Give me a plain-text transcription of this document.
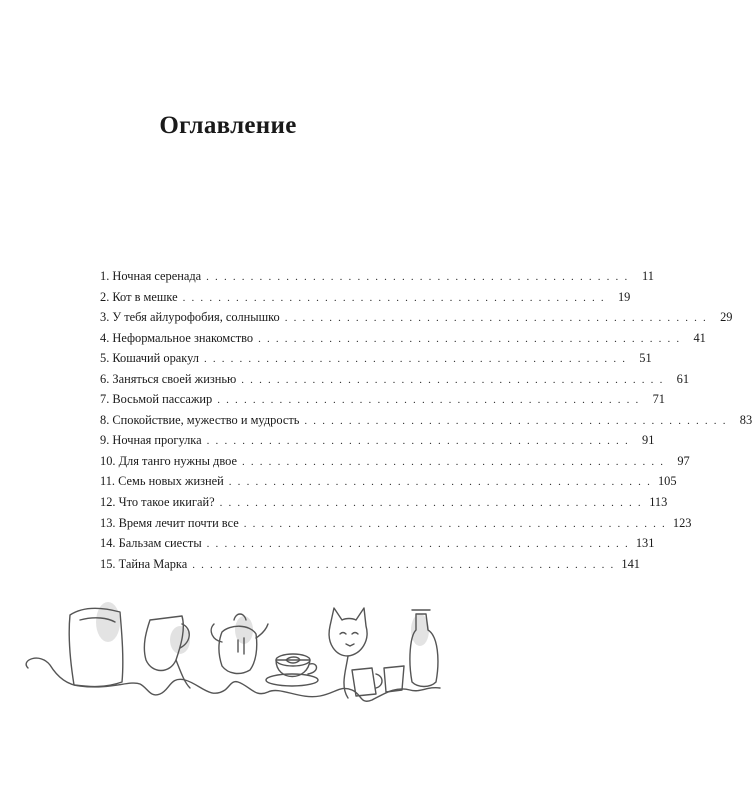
Оглавление
1. Ночная серенада . . . . . . . . . . . . . . . . . . . . . . . . . . . . . . . . . . . . . . . . . . . . . . . .	11
2. Кот в мешке . . . . . . . . . . . . . . . . . . . . . . . . . . . . . . . . . . . . . . . . . . . . . . . .	19
3. У тебя айлурофобия, солнышко . . . . . . . . . . . . . . . . . . . . . . . . . . . . . . . . . . . . . . . . . . . . . . . .	29
4. Неформальное знакомство . . . . . . . . . . . . . . . . . . . . . . . . . . . . . . . . . . . . . . . . . . . . . . . .	41
5. Кошачий оракул . . . . . . . . . . . . . . . . . . . . . . . . . . . . . . . . . . . . . . . . . . . . . . . .	51
6. Заняться своей жизнью . . . . . . . . . . . . . . . . . . . . . . . . . . . . . . . . . . . . . . . . . . . . . . . .	61
7. Восьмой пассажир . . . . . . . . . . . . . . . . . . . . . . . . . . . . . . . . . . . . . . . . . . . . . . . .	71
8. Спокойствие, мужество и мудрость . . . . . . . . . . . . . . . . . . . . . . . . . . . . . . . . . . . . . . . . . . . . . . . .	83
9. Ночная прогулка . . . . . . . . . . . . . . . . . . . . . . . . . . . . . . . . . . . . . . . . . . . . . . . .	91
10. Для танго нужны двое . . . . . . . . . . . . . . . . . . . . . . . . . . . . . . . . . . . . . . . . . . . . . . . .	97
11. Семь новых жизней . . . . . . . . . . . . . . . . . . . . . . . . . . . . . . . . . . . . . . . . . . . . . . . . 105
12. Что такое икигай? . . . . . . . . . . . . . . . . . . . . . . . . . . . . . . . . . . . . . . . . . . . . . . . . 113
13. Время лечит почти все . . . . . . . . . . . . . . . . . . . . . . . . . . . . . . . . . . . . . . . . . . . . . . . . 123
14. Бальзам сиесты . . . . . . . . . . . . . . . . . . . . . . . . . . . . . . . . . . . . . . . . . . . . . . . . 131
15. Тайна Марка . . . . . . . . . . . . . . . . . . . . . . . . . . . . . . . . . . . . . . . . . . . . . . . . 141
